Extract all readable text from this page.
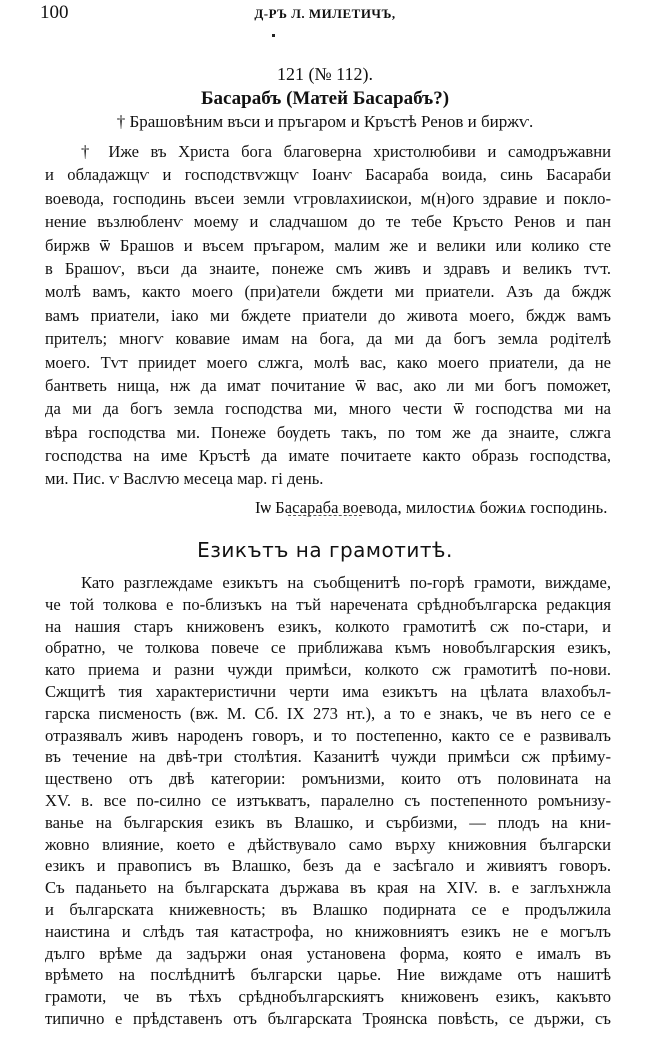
100	Д-РЪ Л. МИЛЕТИЧЪ,
121 (№ 112).
Басарабъ (Матей Басарабъ?)
† Брашовѣним въси и пръгаром и Кръстѣ Ренов и биржѵ.
† Иже въ Христа бога благоверна христолюбиви и самодръжавни
и обладажщѵ и господствѵжщѵ Іоанѵ Басараба воида, синь Басараби
воевода, господинь въсеи земли ѵгровлахиискои, м(н)ого здравие и покло-
нение възлюбленѵ моему и сладчашом до те тебе Кръсто Ренов и пан
биржв ѿ Брашов и въсем пръгаром, малим же и велики или колико сте
в Брашоѵ, въси да знаите, понеже смъ живъ и здравъ и великъ тѵт.
молѣ вамъ, както моего (при)атели бждети ми приатели. Азъ да бждж
вамъ приатели, іако ми бждете приатели до живота моего, бждж вамъ
прителъ; многѵ ковавие имам на бога, да ми да богъ земла родітелѣ
моего. Тѵт приидет моего слжга, молѣ вас, како моего приатели, да не
бантветь нища, нж да имат почитание ѿ вас, ако ли ми богъ поможет,
да ми да богъ земла господства ми, много чести ѿ господства ми на
вѣра господства ми. Понеже бѹдеть такъ, по том же да знаите, слжга
господства на име Кръстѣ да имате почитаете както образь господства,
ми. Пис. ѵ Васлѵю месеца мар. гі день.
Іѡ Басараба воевода, милостиѧ божиѧ господинь.
Езикътъ на грамотитѣ.
Като разглеждаме езикътъ на съобщенитѣ по-горѣ грамоти, виждаме,
че той толкова е по-близъкъ на тъй наречената срѣднобългарска редакция
на нашия старъ книжовенъ езикъ, колкото грамотитѣ сж по-стари, и
обратно, че толкова повече се приближава къмъ новобългарския езикъ,
като приема и разни чужди примѣси, колкото сж грамотитѣ по-нови.
Сжщитѣ тия характеристични черти има езикътъ на цѣлата влахобъл-
гарска писменость (вж. М. Сб. IX 273 нт.), а то е знакъ, че въ него се е
отразявалъ живъ народенъ говоръ, и то постепенно, както се е развивалъ
въ течение на двѣ-три столѣтия. Казанитѣ чужди примѣси сж прѣиму-
ществено отъ двѣ категории: ромънизми, които отъ половината на
XV. в. все по-силно се изтъкватъ, паралелно съ постепенното ромънизу-
ванье на българския езикъ въ Влашко, и сърбизми, — плодъ на кни-
жовно влияние, което е дѣйствувало само върху книжовния български
езикъ и правописъ въ Влашко, безъ да е засѣгало и живиятъ говоръ.
Съ паданьето на българската държава въ края на XIV. в. е заглъхнжла
и българската книжевность; въ Влашко подирната се е продължила
наистина и слѣдъ тая катастрофа, но книжовниятъ езикъ не е могълъ
дълго врѣме да задържи оная установена форма, която е ималъ въ
врѣмето на послѣднитѣ български царье. Ние виждаме отъ нашитѣ
грамоти, че въ тѣхъ срѣднобългарскиятъ книжовенъ езикъ, какъвто
типично е прѣдставенъ отъ българската Троянска повѣсть, се държи, съ
